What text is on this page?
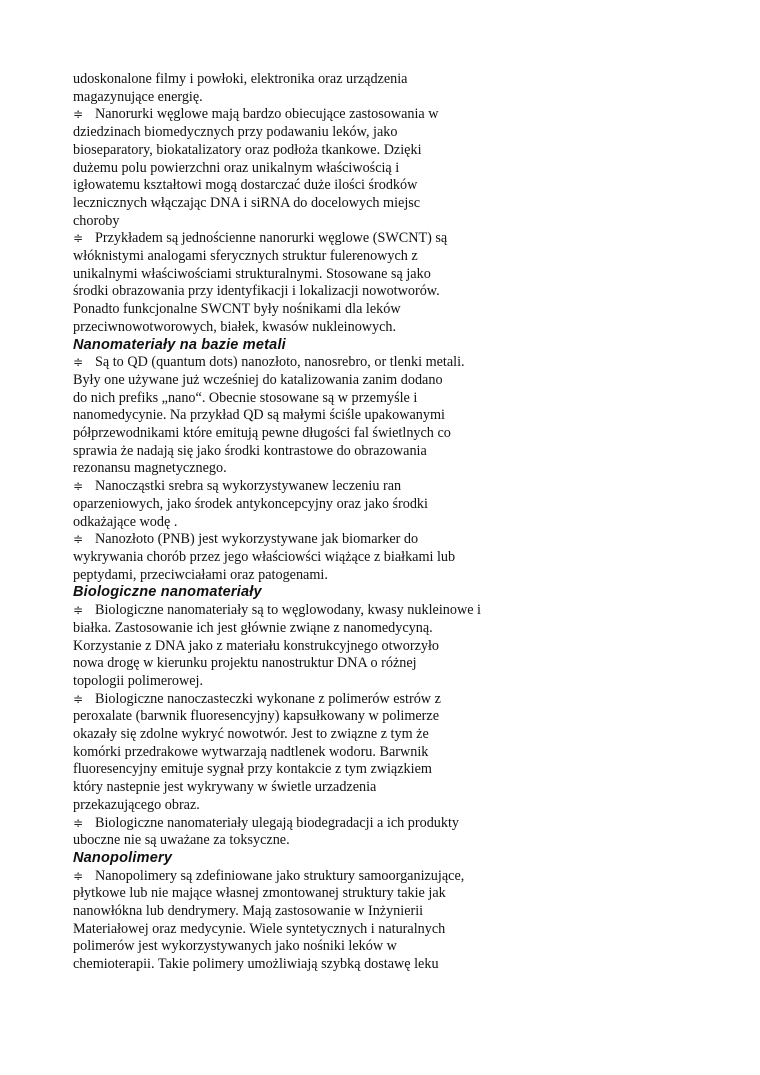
udoskonalone filmy i powłoki, elektronika oraz urządzenia
magazynujące energię.
≑ Nanorurki węglowe mają bardzo obiecujące zastosowania w
dziedzinach biomedycznych przy podawaniu leków, jako
bioseparatory, biokatalizatory oraz podłoża tkankowe. Dzięki
dużemu polu powierzchni oraz unikalnym właściwością i
igłowatemu kształtowi mogą dostarczać duże ilości środków
lecznicznych włączając DNA i siRNA do docelowych miejsc
choroby
≑ Przykładem są jednościenne nanorurki węglowe (SWCNT) są
włóknistymi analogami sferycznych struktur fulerenowych z
unikalnymi właściwościami strukturalnymi. Stosowane są jako
środki obrazowania przy identyfikacji i lokalizacji nowotworów.
Ponadto funkcjonalne SWCNT były nośnikami dla leków
przeciwnowotworowych, białek, kwasów nukleinowych.
Nanomateriały na bazie metali
≑ Są to QD (quantum dots) nanozłoto, nanosrebro, or tlenki metali.
Były one używane już wcześniej do katalizowania zanim dodano
do nich prefiks „nano“. Obecnie stosowane są w przemyśle i
nanomedycynie. Na przykład QD są małymi ściśle upakowanymi
półprzewodnikami które emitują pewne długości fal świetlnych co
sprawia że nadają się jako środki kontrastowe do obrazowania
rezonansu magnetycznego.
≑ Nanocząstki srebra są wykorzystywanew leczeniu ran
oparzeniowych, jako środek antykoncepcyjny oraz jako środki
odkażające wodę .
≑ Nanozłoto (PNB) jest wykorzystywane jak biomarker do
wykrywania chorób przez jego właściowści wiążące z białkami lub
peptydami, przeciwciałami oraz patogenami.
Biologiczne nanomateriały
≑ Biologiczne nanomateriały są to węglowodany, kwasy nukleinowe i
białka. Zastosowanie ich jest głównie zwiąne z nanomedycyną.
Korzystanie z DNA jako z materiału konstrukcyjnego otworzyło
nowa drogę w kierunku projektu nanostruktur DNA o różnej
topologii polimerowej.
≑ Biologiczne nanoczasteczki wykonane z polimerów estrów z
peroxalate (barwnik fluoresencyjny) kapsułkowany w polimerze
okazały się zdolne wykryć nowotwór. Jest to związne z tym że
komórki przedrakowe wytwarzają nadtlenek wodoru. Barwnik
fluoresencyjny emituje sygnał przy kontakcie z tym związkiem
który nastepnie jest wykrywany w świetle urzadzenia
przekazującego obraz.
≑ Biologiczne nanomateriały ulegają biodegradacji a ich produkty
uboczne nie są uważane za toksyczne.
Nanopolimery
≑ Nanopolimery są zdefiniowane jako struktury samoorganizujące,
płytkowe lub nie mające własnej zmontowanej struktury takie jak
nanowłókna lub dendrymery. Mają zastosowanie w Inżynierii
Materiałowej oraz medycynie. Wiele syntetycznych i naturalnych
polimerów jest wykorzystywanych jako nośniki leków w
chemioterapii. Takie polimery umożliwiają szybką dostawę leku
